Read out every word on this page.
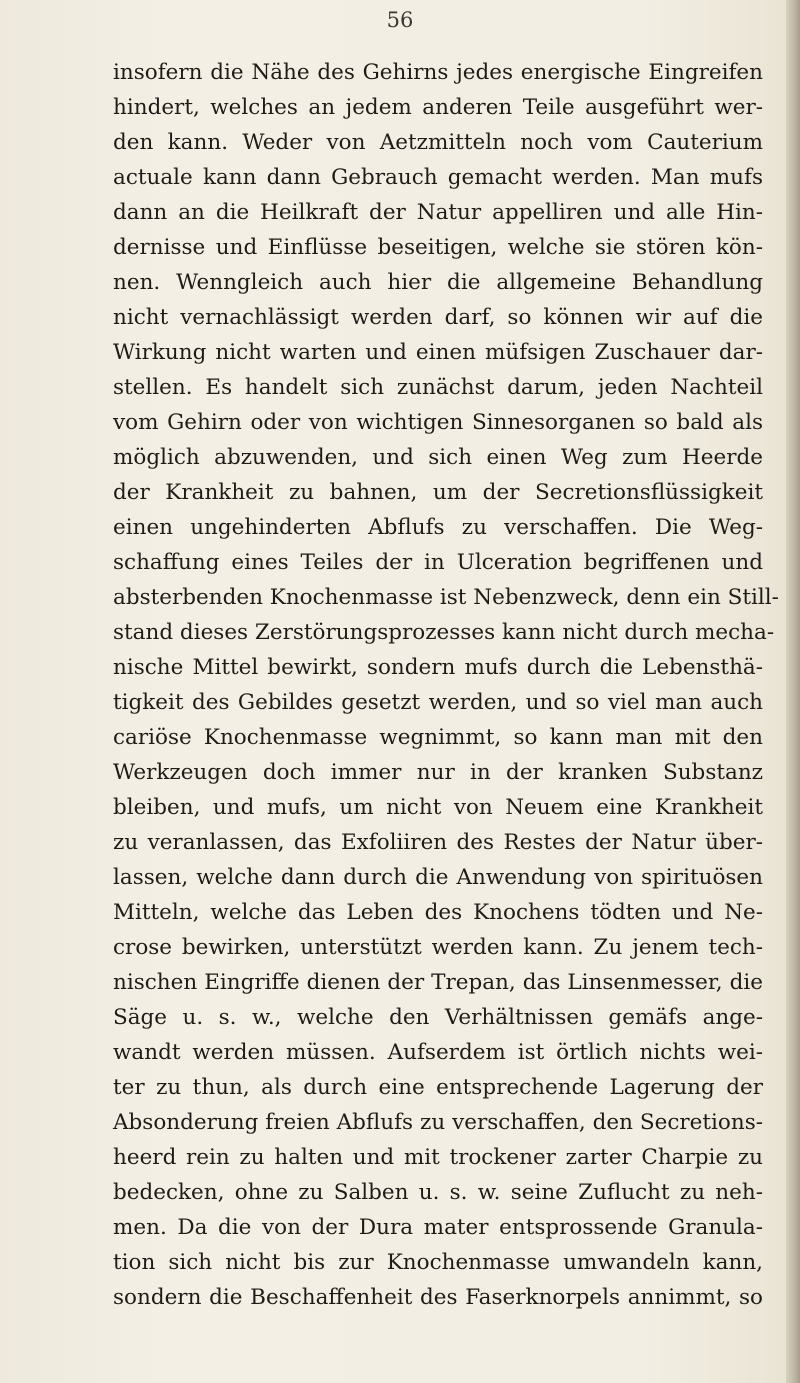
56
insofern die Nähe des Gehirns jedes energische Eingreifen
hindert, welches an jedem anderen Teile ausgeführt wer-
den kann. Weder von Aetzmitteln noch vom Cauterium
actuale kann dann Gebrauch gemacht werden. Man mufs
dann an die Heilkraft der Natur appelliren und alle Hin-
dernisse und Einflüsse beseitigen, welche sie stören kön-
nen. Wenngleich auch hier die allgemeine Behandlung
nicht vernachlässigt werden darf, so können wir auf die
Wirkung nicht warten und einen müfsigen Zuschauer dar-
stellen. Es handelt sich zunächst darum, jeden Nachteil
vom Gehirn oder von wichtigen Sinnesorganen so bald als
möglich abzuwenden, und sich einen Weg zum Heerde
der Krankheit zu bahnen, um der Secretionsflüssigkeit
einen ungehinderten Abflufs zu verschaffen. Die Weg-
schaffung eines Teiles der in Ulceration begriffenen und
absterbenden Knochenmasse ist Nebenzweck, denn ein Still-
stand dieses Zerstörungsprozesses kann nicht durch mecha-
nische Mittel bewirkt, sondern mufs durch die Lebensthä-
tigkeit des Gebildes gesetzt werden, und so viel man auch
cariöse Knochenmasse wegnimmt, so kann man mit den
Werkzeugen doch immer nur in der kranken Substanz
bleiben, und mufs, um nicht von Neuem eine Krankheit
zu veranlassen, das Exfoliiren des Restes der Natur über-
lassen, welche dann durch die Anwendung von spirituösen
Mitteln, welche das Leben des Knochens tödten und Ne-
crose bewirken, unterstützt werden kann. Zu jenem tech-
nischen Eingriffe dienen der Trepan, das Linsenmesser, die
Säge u. s. w., welche den Verhältnissen gemäfs ange-
wandt werden müssen. Aufserdem ist örtlich nichts wei-
ter zu thun, als durch eine entsprechende Lagerung der
Absonderung freien Abflufs zu verschaffen, den Secretions-
heerd rein zu halten und mit trockener zarter Charpie zu
bedecken, ohne zu Salben u. s. w. seine Zuflucht zu neh-
men. Da die von der Dura mater entsprossende Granula-
tion sich nicht bis zur Knochenmasse umwandeln kann,
sondern die Beschaffenheit des Faserknorpels annimmt, so
